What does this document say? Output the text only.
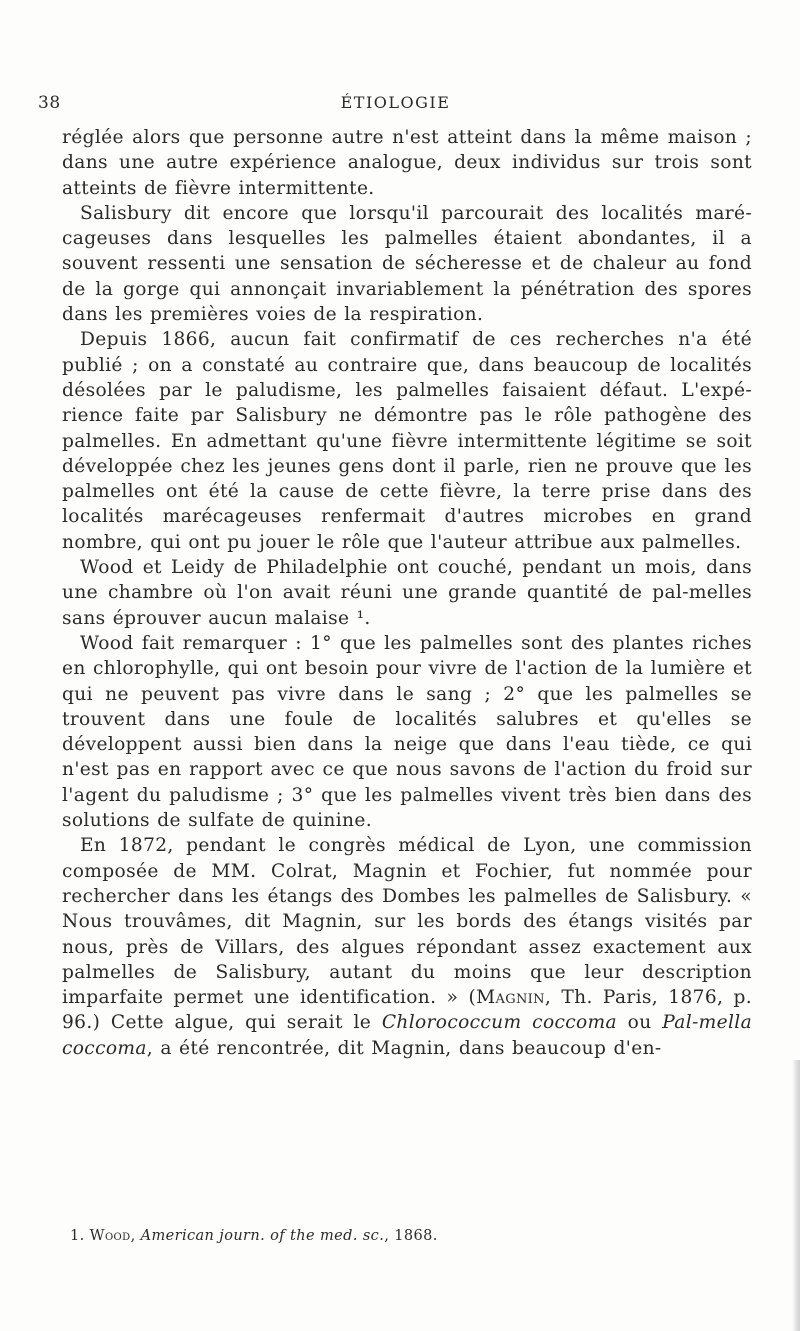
38	ÉTIOLOGIE

réglée alors que personne autre n'est atteint dans la même maison ; dans une autre expérience analogue, deux individus sur trois sont atteints de fièvre intermittente.

Salisbury dit encore que lorsqu'il parcourait des localités maré-cageuses dans lesquelles les palmelles étaient abondantes, il a souvent ressenti une sensation de sécheresse et de chaleur au fond de la gorge qui annonçait invariablement la pénétration des spores dans les premières voies de la respiration.

Depuis 1866, aucun fait confirmatif de ces recherches n'a été publié ; on a constaté au contraire que, dans beaucoup de localités désolées par le paludisme, les palmelles faisaient défaut. L'expé-rience faite par Salisbury ne démontre pas le rôle pathogène des palmelles. En admettant qu'une fièvre intermittente légitime se soit développée chez les jeunes gens dont il parle, rien ne prouve que les palmelles ont été la cause de cette fièvre, la terre prise dans des localités marécageuses renfermait d'autres microbes en grand nombre, qui ont pu jouer le rôle que l'auteur attribue aux palmelles.

Wood et Leidy de Philadelphie ont couché, pendant un mois, dans une chambre où l'on avait réuni une grande quantité de pal-melles sans éprouver aucun malaise ¹.

Wood fait remarquer : 1° que les palmelles sont des plantes riches en chlorophylle, qui ont besoin pour vivre de l'action de la lumière et qui ne peuvent pas vivre dans le sang ; 2° que les palmelles se trouvent dans une foule de localités salubres et qu'elles se développent aussi bien dans la neige que dans l'eau tiède, ce qui n'est pas en rapport avec ce que nous savons de l'action du froid sur l'agent du paludisme ; 3° que les palmelles vivent très bien dans des solutions de sulfate de quinine.

En 1872, pendant le congrès médical de Lyon, une commission composée de MM. Colrat, Magnin et Fochier, fut nommée pour rechercher dans les étangs des Dombes les palmelles de Salisbury. « Nous trouvâmes, dit Magnin, sur les bords des étangs visités par nous, près de Villars, des algues répondant assez exactement aux palmelles de Salisbury, autant du moins que leur description imparfaite permet une identification. » (Magnin, Th. Paris, 1876, p. 96.) Cette algue, qui serait le Chlorococcum coccoma ou Pal-mella coccoma, a été rencontrée, dit Magnin, dans beaucoup d'en-

1. Wood, American journ. of the med. sc., 1868.
